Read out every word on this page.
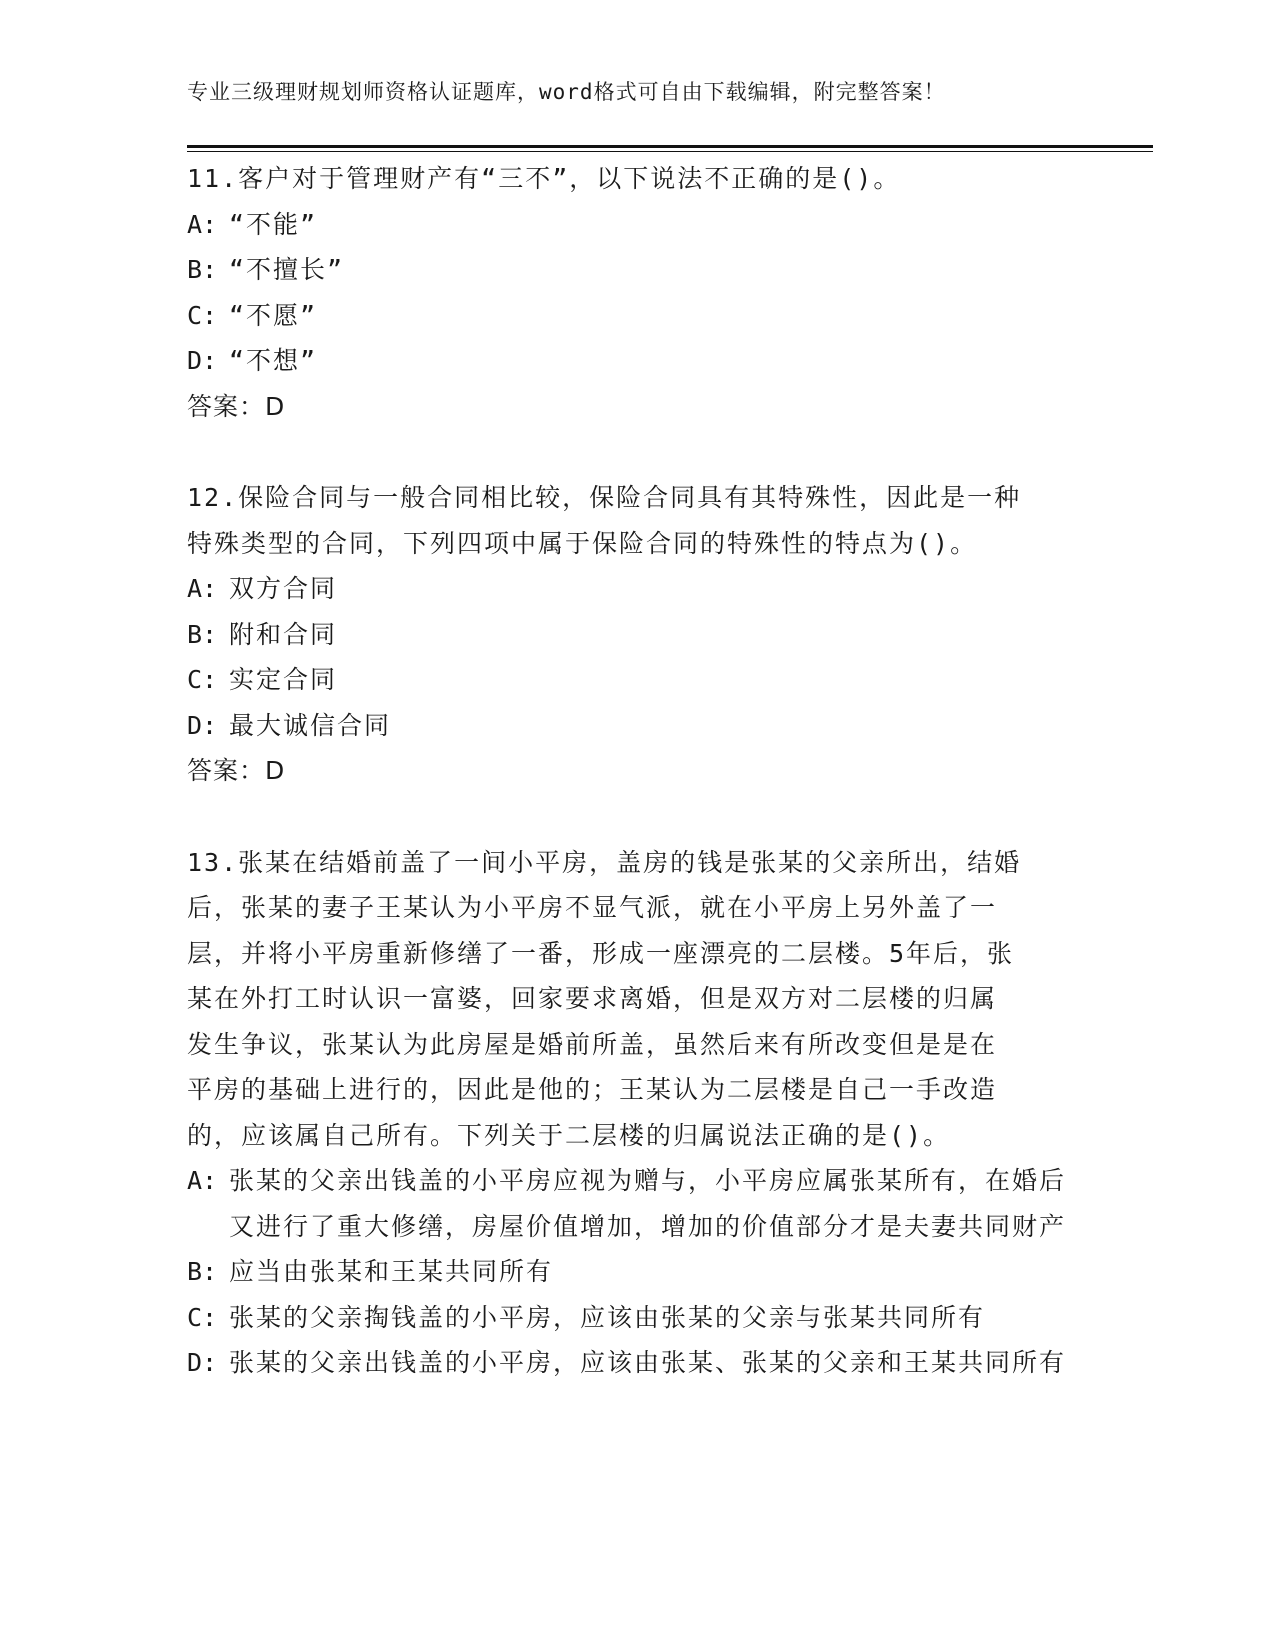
专业三级理财规划师资格认证题库，word格式可自由下载编辑，附完整答案！
11.客户对于管理财产有“三不”，以下说法不正确的是()。
A: “不能”
B: “不擅长”
C: “不愿”
D: “不想”
答案：D
12.保险合同与一般合同相比较，保险合同具有其特殊性，因此是一种
特殊类型的合同，下列四项中属于保险合同的特殊性的特点为()。
A: 双方合同
B: 附和合同
C: 实定合同
D: 最大诚信合同
答案：D
13.张某在结婚前盖了一间小平房，盖房的钱是张某的父亲所出，结婚
后，张某的妻子王某认为小平房不显气派，就在小平房上另外盖了一
层，并将小平房重新修缮了一番，形成一座漂亮的二层楼。5年后，张
某在外打工时认识一富婆，回家要求离婚，但是双方对二层楼的归属
发生争议，张某认为此房屋是婚前所盖，虽然后来有所改变但是是在
平房的基础上进行的，因此是他的；王某认为二层楼是自己一手改造
的，应该属自己所有。下列关于二层楼的归属说法正确的是()。
A: 张某的父亲出钱盖的小平房应视为赠与，小平房应属张某所有，在婚后又进行了重大修缮，房屋价值增加，增加的价值部分才是夫妻共同财产
B: 应当由张某和王某共同所有
C: 张某的父亲掏钱盖的小平房，应该由张某的父亲与张某共同所有
D: 张某的父亲出钱盖的小平房，应该由张某、张某的父亲和王某共同所有
